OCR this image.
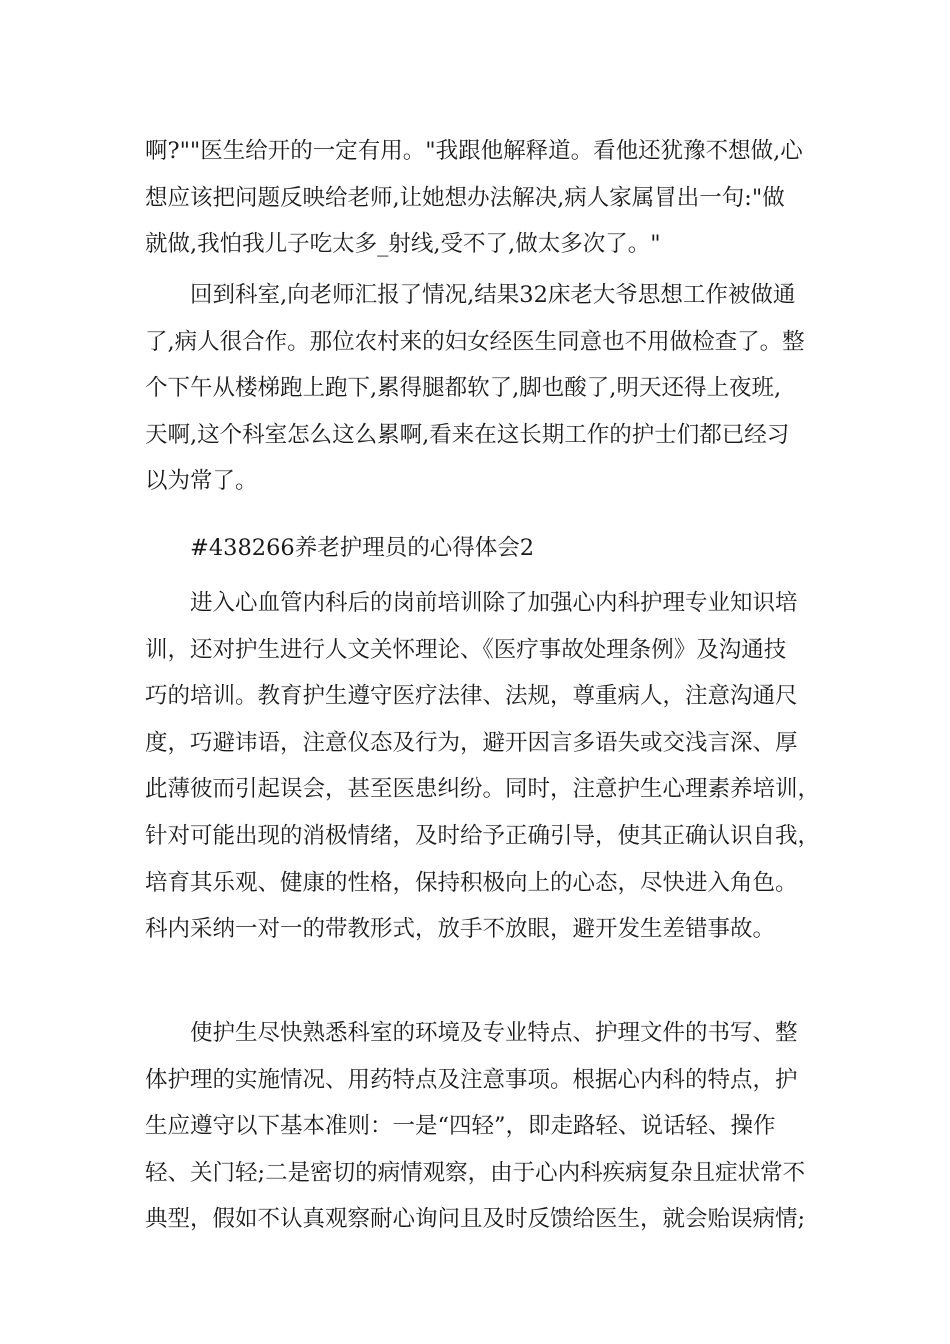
啊?""医生给开的一定有用。"我跟他解释道。看他还犹豫不想做,心
想应该把问题反映给老师,让她想办法解决,病人家属冒出一句:"做
就做,我怕我儿子吃太多_射线,受不了,做太多次了。"
回到科室,向老师汇报了情况,结果32床老大爷思想工作被做通
了,病人很合作。那位农村来的妇女经医生同意也不用做检查了。整
个下午从楼梯跑上跑下,累得腿都软了,脚也酸了,明天还得上夜班,
天啊,这个科室怎么这么累啊,看来在这长期工作的护士们都已经习
以为常了。
#438266养老护理员的心得体会2
进入心血管内科后的岗前培训除了加强心内科护理专业知识培
训，还对护生进行人文关怀理论、《医疗事故处理条例》及沟通技
巧的培训。教育护生遵守医疗法律、法规，尊重病人，注意沟通尺
度，巧避讳语，注意仪态及行为，避开因言多语失或交浅言深、厚
此薄彼而引起误会，甚至医患纠纷。同时，注意护生心理素养培训，
针对可能出现的消极情绪，及时给予正确引导，使其正确认识自我，
培育其乐观、健康的性格，保持积极向上的心态，尽快进入角色。
科内采纳一对一的带教形式，放手不放眼，避开发生差错事故。
使护生尽快熟悉科室的环境及专业特点、护理文件的书写、整
体护理的实施情况、用药特点及注意事项。根据心内科的特点，护
生应遵守以下基本准则：一是“四轻”，即走路轻、说话轻、操作
轻、关门轻;二是密切的病情观察，由于心内科疾病复杂且症状常不
典型，假如不认真观察耐心询问且及时反馈给医生，就会贻误病情;
